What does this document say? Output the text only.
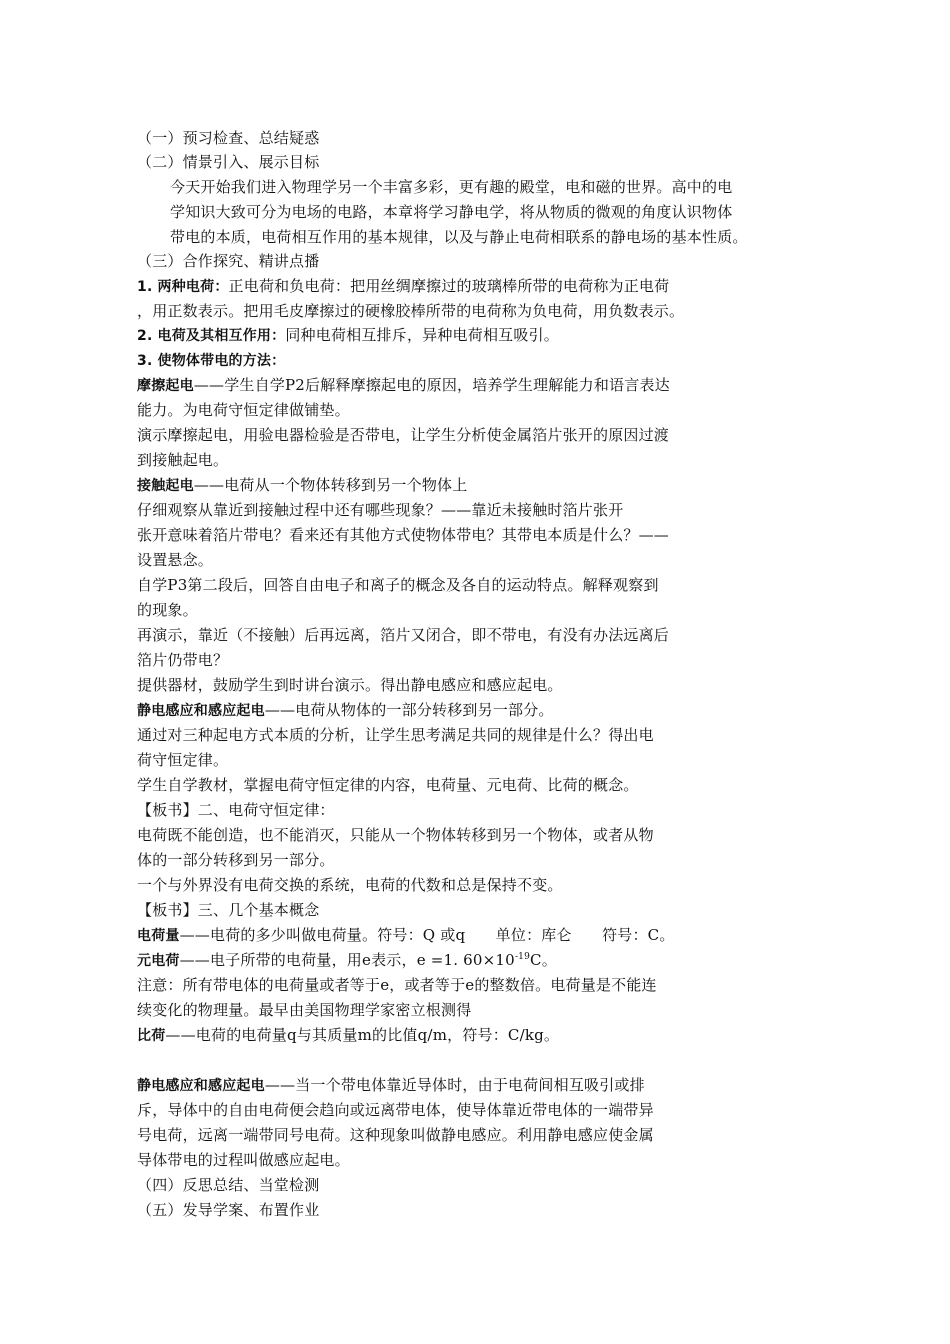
（一）预习检查、总结疑惑
（二）情景引入、展示目标
今天开始我们进入物理学另一个丰富多彩，更有趣的殿堂，电和磁的世界。高中的电
学知识大致可分为电场的电路，本章将学习静电学，将从物质的微观的角度认识物体
带电的本质，电荷相互作用的基本规律，以及与静止电荷相联系的静电场的基本性质。
（三）合作探究、精讲点播
1. 两种电荷：正电荷和负电荷：把用丝绸摩擦过的玻璃棒所带的电荷称为正电荷
，用正数表示。把用毛皮摩擦过的硬橡胶棒所带的电荷称为负电荷，用负数表示。
2. 电荷及其相互作用：同种电荷相互排斥，异种电荷相互吸引。
3. 使物体带电的方法：
摩擦起电——学生自学P2后解释摩擦起电的原因，培养学生理解能力和语言表达
能力。为电荷守恒定律做铺垫。
演示摩擦起电，用验电器检验是否带电，让学生分析使金属箔片张开的原因过渡
到接触起电。
接触起电——电荷从一个物体转移到另一个物体上
仔细观察从靠近到接触过程中还有哪些现象？——靠近未接触时箔片张开
张开意味着箔片带电？看来还有其他方式使物体带电？其带电本质是什么？——
设置悬念。
自学P3第二段后，回答自由电子和离子的概念及各自的运动特点。解释观察到
的现象。
再演示，靠近（不接触）后再远离，箔片又闭合，即不带电，有没有办法远离后
箔片仍带电？
提供器材，鼓励学生到时讲台演示。得出静电感应和感应起电。
静电感应和感应起电——电荷从物体的一部分转移到另一部分。
通过对三种起电方式本质的分析，让学生思考满足共同的规律是什么？得出电
荷守恒定律。
学生自学教材，掌握电荷守恒定律的内容，电荷量、元电荷、比荷的概念。
【板书】二、电荷守恒定律：
电荷既不能创造，也不能消灭，只能从一个物体转移到另一个物体，或者从物
体的一部分转移到另一部分。
一个与外界没有电荷交换的系统，电荷的代数和总是保持不变。
【板书】三、几个基本概念
电荷量——电荷的多少叫做电荷量。符号：Q 或q　　单位：库仑　　符号：C。
元电荷——电子所带的电荷量，用e表示，e =1. $60\times 10^{-19}C$。
注意：所有带电体的电荷量或者等于e，或者等于e的整数倍。电荷量是不能连
续变化的物理量。最早由美国物理学家密立根测得
比荷——电荷的电荷量q与其质量m的比值q/m，符号：C/kg。
静电感应和感应起电——当一个带电体靠近导体时，由于电荷间相互吸引或排
斥，导体中的自由电荷便会趋向或远离带电体，使导体靠近带电体的一端带异
号电荷，远离一端带同号电荷。这种现象叫做静电感应。利用静电感应使金属
导体带电的过程叫做感应起电。
（四）反思总结、当堂检测
（五）发导学案、布置作业
